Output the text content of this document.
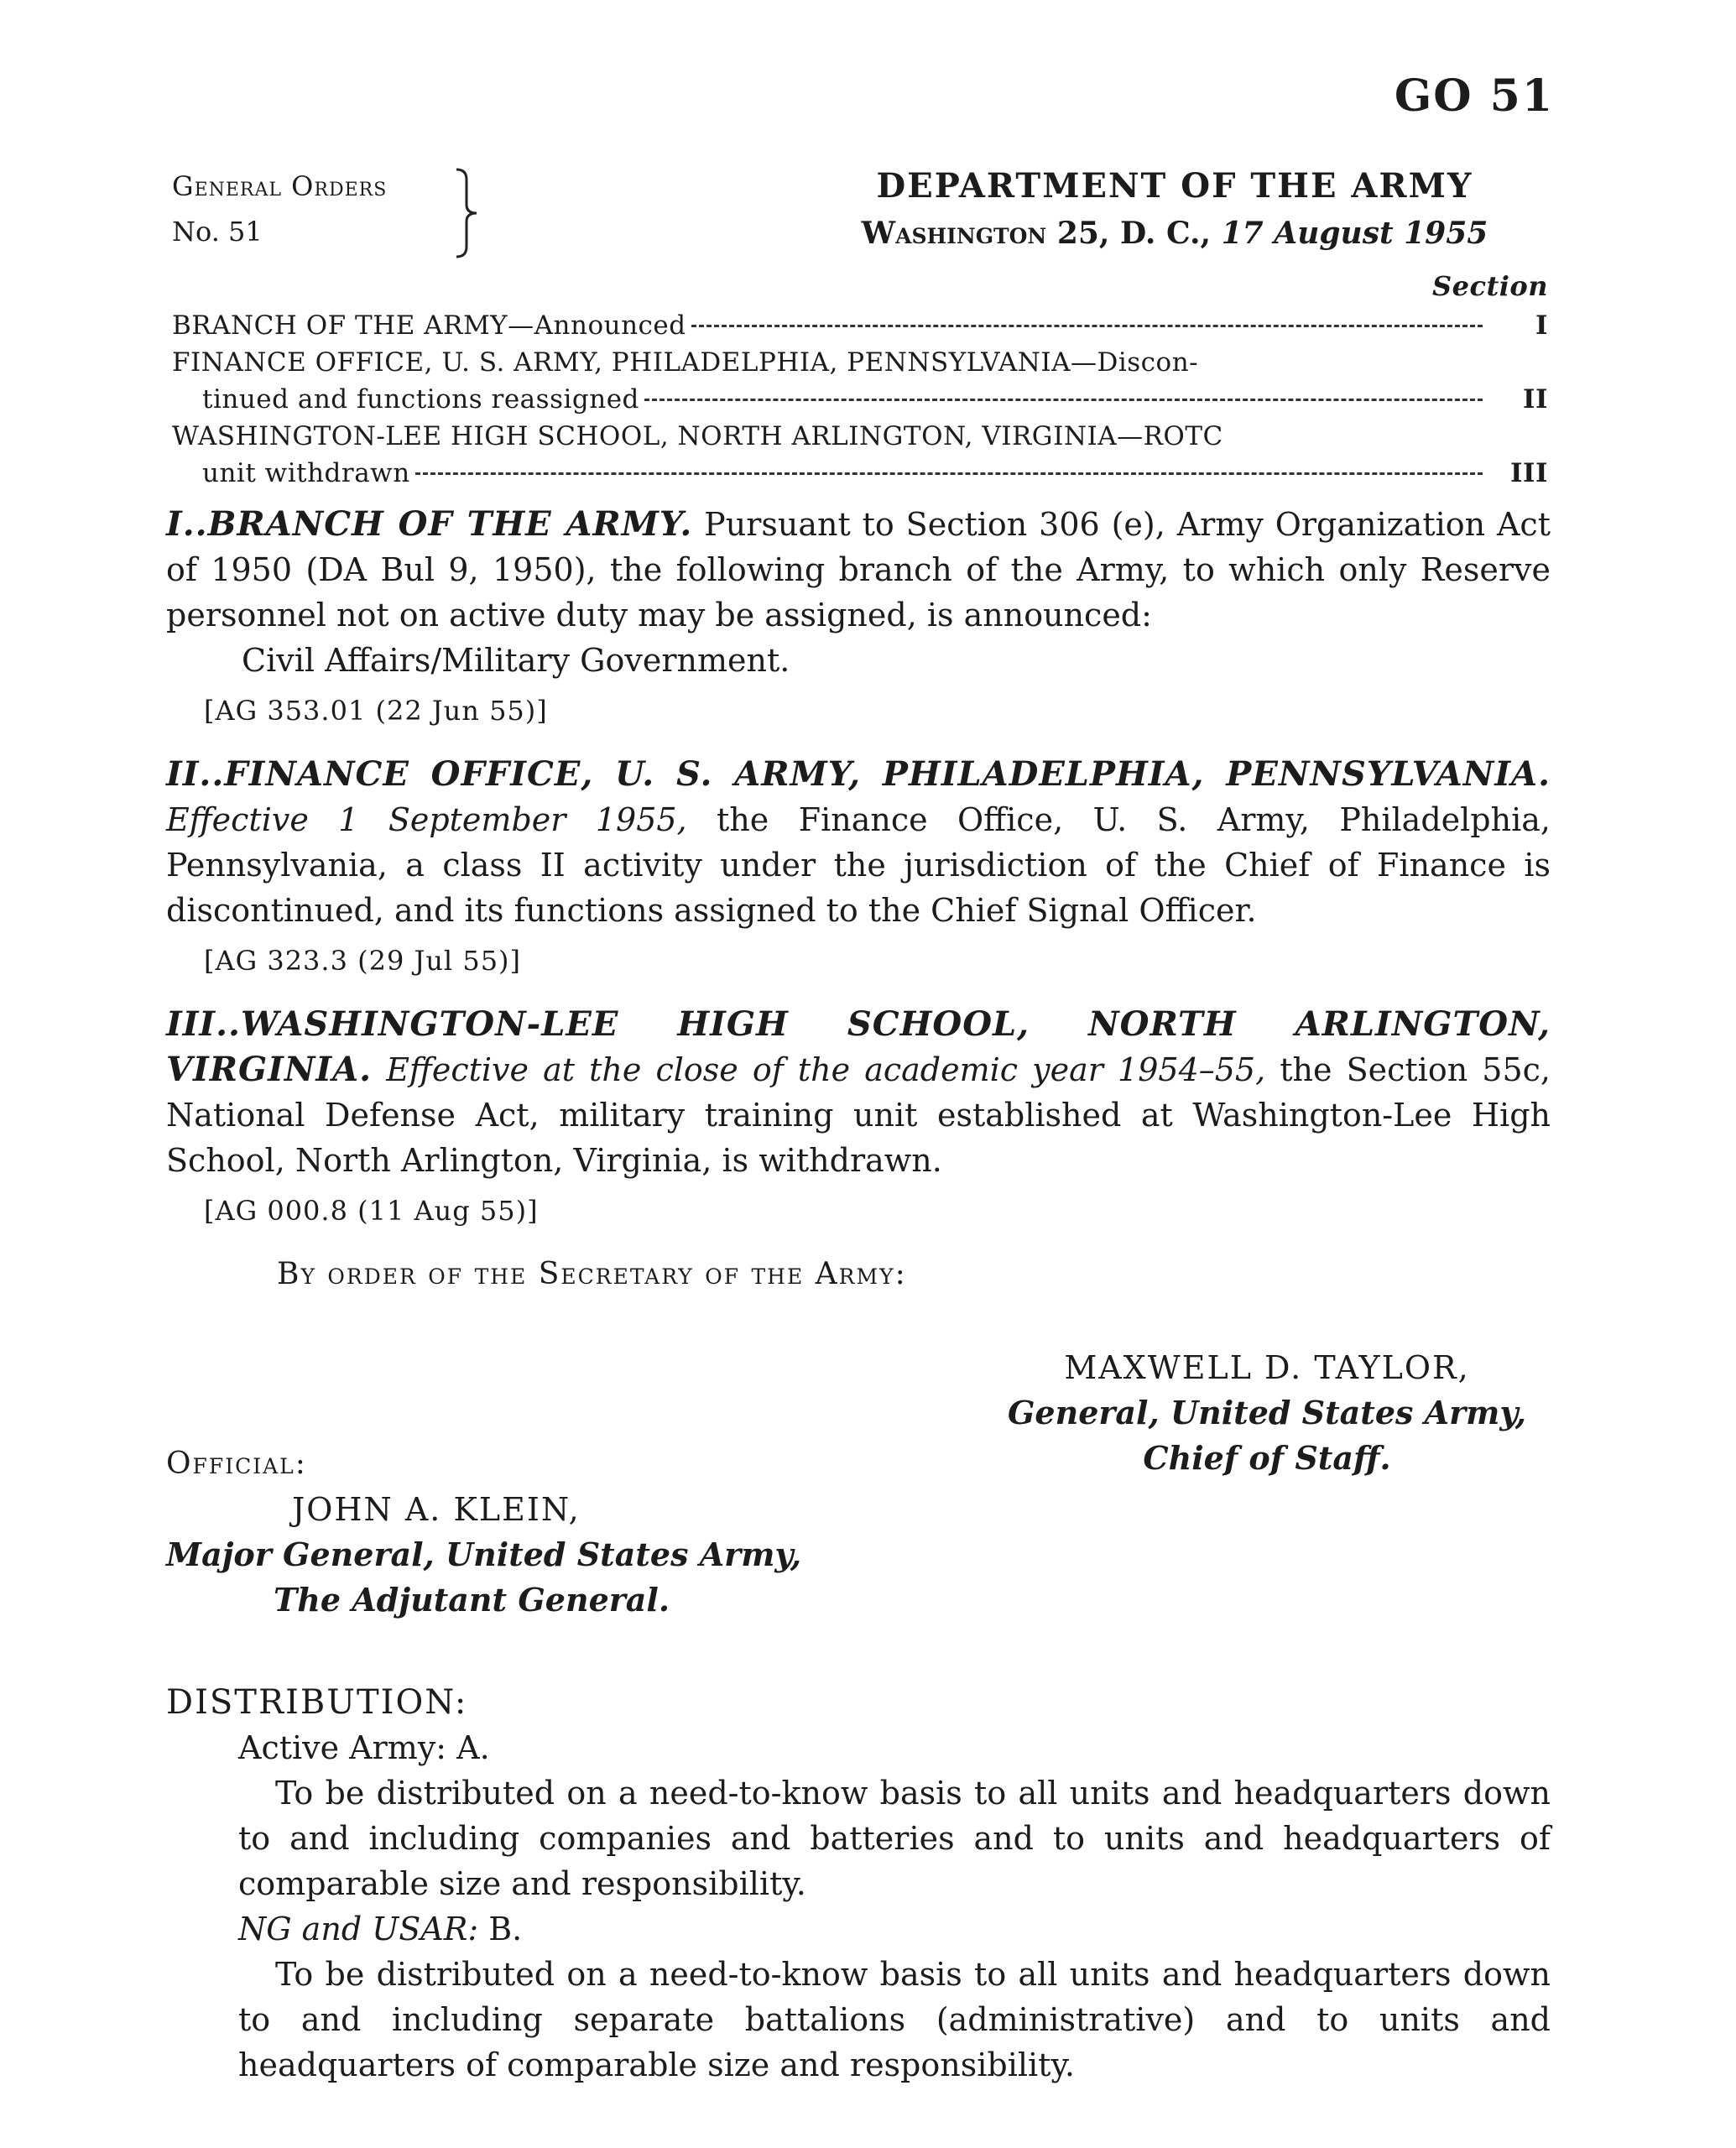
GO 51
General Orders
No. 51
DEPARTMENT OF THE ARMY
Washington 25, D. C., 17 August 1955
Section
BRANCH OF THE ARMY—Announced	I
FINANCE OFFICE, U. S. ARMY, PHILADELPHIA, PENNSYLVANIA—Discon-
tinued and functions reassigned	II
WASHINGTON-LEE HIGH SCHOOL, NORTH ARLINGTON, VIRGINIA—ROTC
unit withdrawn	III

I..BRANCH OF THE ARMY. Pursuant to Section 306 (e), Army Organization Act of 1950 (DA Bul 9, 1950), the following branch of the Army, to which only Reserve personnel not on active duty may be assigned, is announced:

Civil Affairs/Military Government.
[AG 353.01 (22 Jun 55)]

II..FINANCE OFFICE, U. S. ARMY, PHILADELPHIA, PENNSYLVANIA. Effective 1 September 1955, the Finance Office, U. S. Army, Philadelphia, Pennsylvania, a class II activity under the jurisdiction of the Chief of Finance is discontinued, and its functions assigned to the Chief Signal Officer.

[AG 323.3 (29 Jul 55)]

III..WASHINGTON-LEE HIGH SCHOOL, NORTH ARLINGTON, VIRGINIA. Effective at the close of the academic year 1954–55, the Section 55c, National Defense Act, military training unit established at Washington-Lee High School, North Arlington, Virginia, is withdrawn.

[AG 000.8 (11 Aug 55)]
By order of the Secretary of the Army:
MAXWELL D. TAYLOR,
General, United States Army,
Chief of Staff.
Official:
JOHN A. KLEIN,
Major General, United States Army,
The Adjutant General.
DISTRIBUTION:
Active Army: A.

To be distributed on a need-to-know basis to all units and headquarters down to and including companies and batteries and to units and headquarters of comparable size and responsibility.

NG and USAR: B.

To be distributed on a need-to-know basis to all units and headquarters down to and including separate battalions (administrative) and to units and headquarters of comparable size and responsibility.
